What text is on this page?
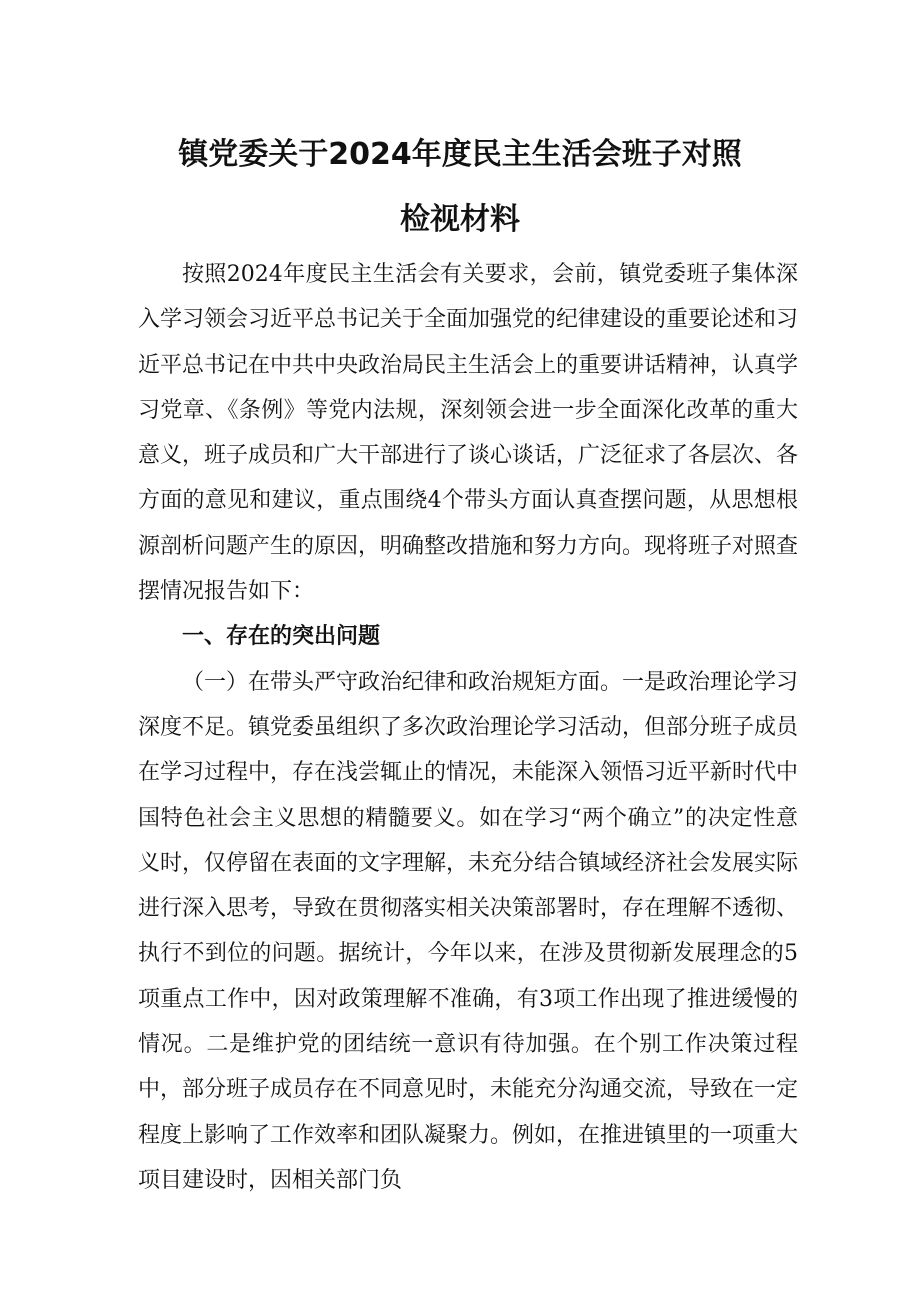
镇党委关于2024年度民主生活会班子对照
检视材料

按照2024年度民主生活会有关要求，会前，镇党委班子集体深入学习领会习近平总书记关于全面加强党的纪律建设的重要论述和习近平总书记在中共中央政治局民主生活会上的重要讲话精神，认真学习党章、《条例》等党内法规，深刻领会进一步全面深化改革的重大意义，班子成员和广大干部进行了谈心谈话，广泛征求了各层次、各方面的意见和建议，重点围绕4个带头方面认真查摆问题，从思想根源剖析问题产生的原因，明确整改措施和努力方向。现将班子对照查摆情况报告如下：

一、存在的突出问题

（一）在带头严守政治纪律和政治规矩方面。一是政治理论学习深度不足。镇党委虽组织了多次政治理论学习活动，但部分班子成员在学习过程中，存在浅尝辄止的情况，未能深入领悟习近平新时代中国特色社会主义思想的精髓要义。如在学习“两个确立”的决定性意义时，仅停留在表面的文字理解，未充分结合镇域经济社会发展实际进行深入思考，导致在贯彻落实相关决策部署时，存在理解不透彻、执行不到位的问题。据统计，今年以来，在涉及贯彻新发展理念的5项重点工作中，因对政策理解不准确，有3项工作出现了推进缓慢的情况。二是维护党的团结统一意识有待加强。在个别工作决策过程中，部分班子成员存在不同意见时，未能充分沟通交流，导致在一定程度上影响了工作效率和团队凝聚力。例如，在推进镇里的一项重大项目建设时，因相关部门负
